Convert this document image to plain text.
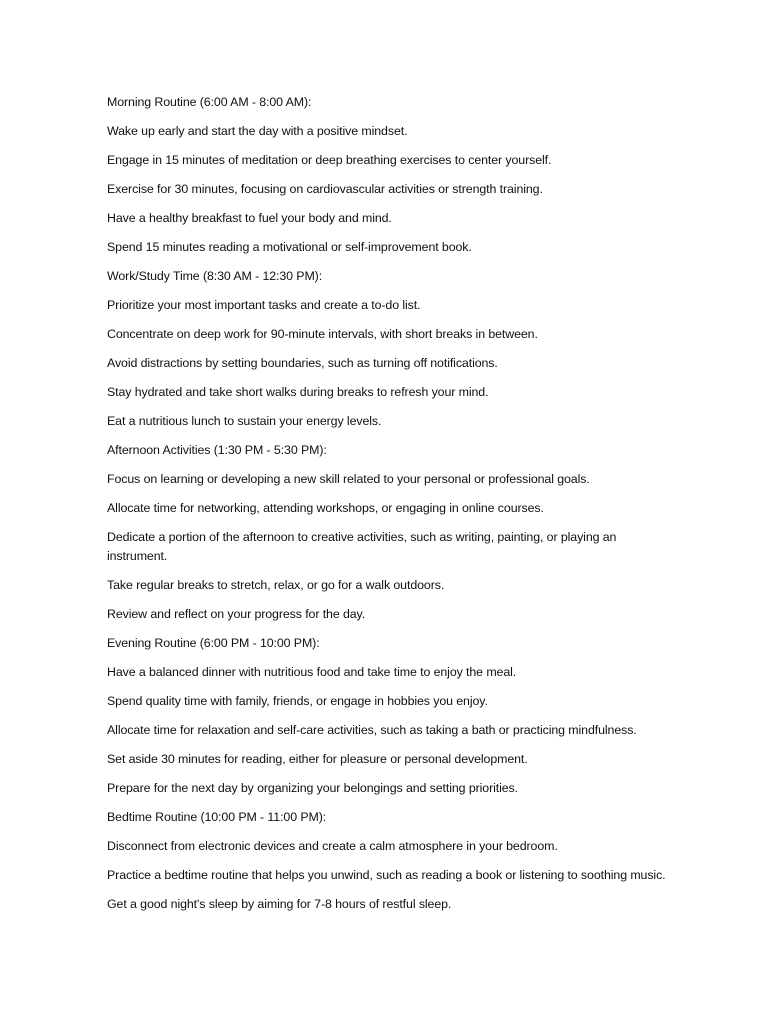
Morning Routine (6:00 AM - 8:00 AM):

Wake up early and start the day with a positive mindset.

Engage in 15 minutes of meditation or deep breathing exercises to center yourself.

Exercise for 30 minutes, focusing on cardiovascular activities or strength training.

Have a healthy breakfast to fuel your body and mind.

Spend 15 minutes reading a motivational or self-improvement book.

Work/Study Time (8:30 AM - 12:30 PM):

Prioritize your most important tasks and create a to-do list.

Concentrate on deep work for 90-minute intervals, with short breaks in between.

Avoid distractions by setting boundaries, such as turning off notifications.

Stay hydrated and take short walks during breaks to refresh your mind.

Eat a nutritious lunch to sustain your energy levels.

Afternoon Activities (1:30 PM - 5:30 PM):

Focus on learning or developing a new skill related to your personal or professional goals.

Allocate time for networking, attending workshops, or engaging in online courses.

Dedicate a portion of the afternoon to creative activities, such as writing, painting, or playing an instrument.

Take regular breaks to stretch, relax, or go for a walk outdoors.

Review and reflect on your progress for the day.

Evening Routine (6:00 PM - 10:00 PM):

Have a balanced dinner with nutritious food and take time to enjoy the meal.

Spend quality time with family, friends, or engage in hobbies you enjoy.

Allocate time for relaxation and self-care activities, such as taking a bath or practicing mindfulness.

Set aside 30 minutes for reading, either for pleasure or personal development.

Prepare for the next day by organizing your belongings and setting priorities.

Bedtime Routine (10:00 PM - 11:00 PM):

Disconnect from electronic devices and create a calm atmosphere in your bedroom.

Practice a bedtime routine that helps you unwind, such as reading a book or listening to soothing music.

Get a good night's sleep by aiming for 7-8 hours of restful sleep.
